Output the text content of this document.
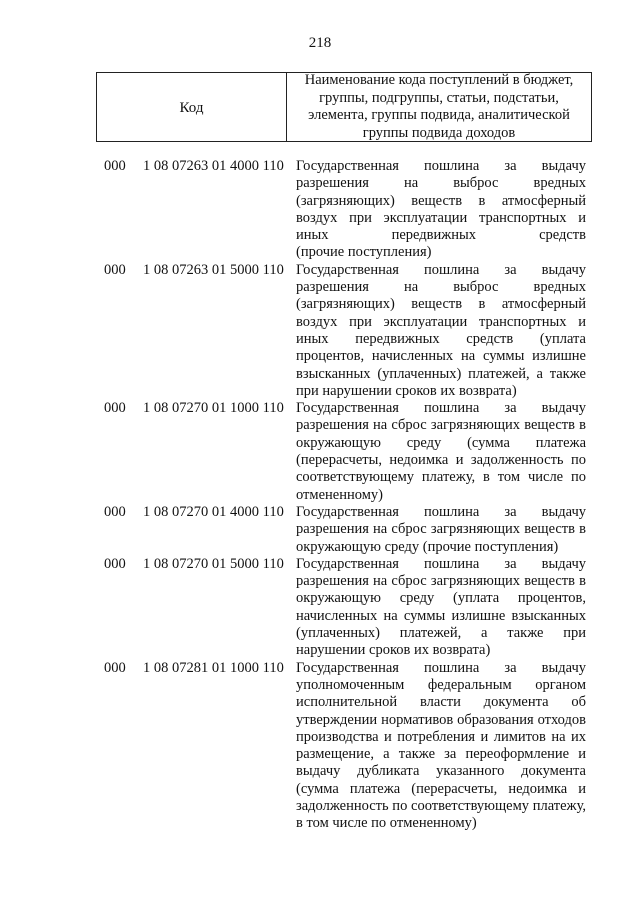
218
Код
Наименование кода поступлений в бюджет, группы, подгруппы, статьи, подстатьи, элемента, группы подвида, аналитической группы подвида доходов
000 1 08 07263 01 4000 110 Государственная пошлина за выдачу
разрешения на выброс вредных
(загрязняющих) веществ в атмосферный
воздух при эксплуатации транспортных и
иных передвижных средств
(прочие поступления)
000 1 08 07263 01 5000 110 Государственная пошлина за выдачу
разрешения на выброс вредных
(загрязняющих) веществ в атмосферный
воздух при эксплуатации транспортных и
иных передвижных средств (уплата
процентов, начисленных на суммы излишне
взысканных (уплаченных) платежей, а также
при нарушении сроков их возврата)
000 1 08 07270 01 1000 110 Государственная пошлина за выдачу
разрешения на сброс загрязняющих веществ в
окружающую среду (сумма платежа
(перерасчеты, недоимка и задолженность по
соответствующему платежу, в том числе по
отмененному)
000 1 08 07270 01 4000 110 Государственная пошлина за выдачу
разрешения на сброс загрязняющих веществ в
окружающую среду (прочие поступления)
000 1 08 07270 01 5000 110 Государственная пошлина за выдачу
разрешения на сброс загрязняющих веществ в
окружающую среду (уплата процентов,
начисленных на суммы излишне взысканных
(уплаченных) платежей, а также при
нарушении сроков их возврата)
000 1 08 07281 01 1000 110 Государственная пошлина за выдачу
уполномоченным федеральным органом
исполнительной власти документа об
утверждении нормативов образования отходов
производства и потребления и лимитов на их
размещение, а также за переоформление и
выдачу дубликата указанного документа
(сумма платежа (перерасчеты, недоимка и
задолженность по соответствующему платежу,
в том числе по отмененному)
